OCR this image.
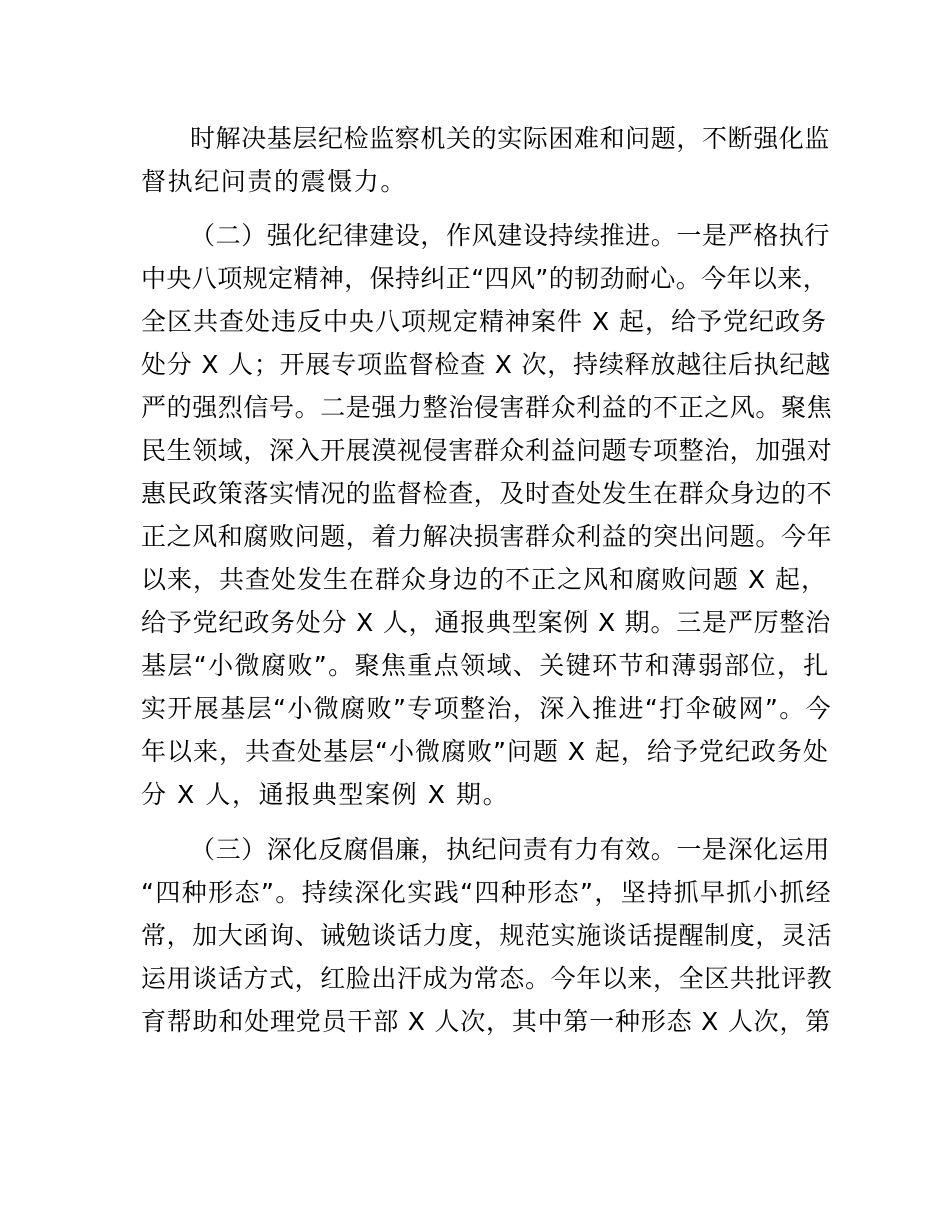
时解决基层纪检监察机关的实际困难和问题，不断强化监
督执纪问责的震慑力。
（二）强化纪律建设，作风建设持续推进。一是严格执行
中央八项规定精神，保持纠正“四风”的韧劲耐心。今年以来，
全区共查处违反中央八项规定精神案件 X 起，给予党纪政务
处分 X 人；开展专项监督检查 X 次，持续释放越往后执纪越
严的强烈信号。二是强力整治侵害群众利益的不正之风。聚焦
民生领域，深入开展漠视侵害群众利益问题专项整治，加强对
惠民政策落实情况的监督检查，及时查处发生在群众身边的不
正之风和腐败问题，着力解决损害群众利益的突出问题。今年
以来，共查处发生在群众身边的不正之风和腐败问题 X 起，
给予党纪政务处分 X 人，通报典型案例 X 期。三是严厉整治
基层“小微腐败”。聚焦重点领域、关键环节和薄弱部位，扎
实开展基层“小微腐败”专项整治，深入推进“打伞破网”。今
年以来，共查处基层“小微腐败”问题 X 起，给予党纪政务处
分 X 人，通报典型案例 X 期。
（三）深化反腐倡廉，执纪问责有力有效。一是深化运用
“四种形态”。持续深化实践“四种形态”，坚持抓早抓小抓经
常，加大函询、诫勉谈话力度，规范实施谈话提醒制度，灵活
运用谈话方式，红脸出汗成为常态。今年以来，全区共批评教
育帮助和处理党员干部 X 人次，其中第一种形态 X 人次，第
